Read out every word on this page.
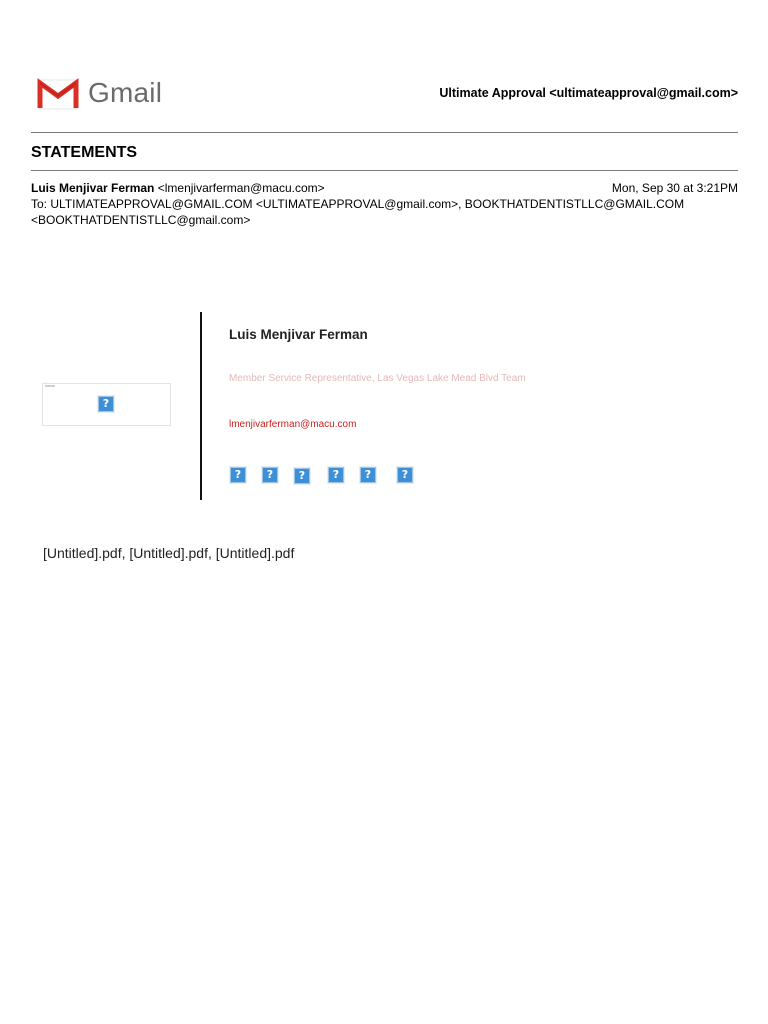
Gmail	Ultimate Approval <ultimateapproval@gmail.com>
STATEMENTS
Luis Menjivar Ferman <lmenjivarferman@macu.com>	Mon, Sep 30 at 3:21PM
To: ULTIMATEAPPROVAL@GMAIL.COM <ULTIMATEAPPROVAL@gmail.com>, BOOKTHATDENTISTLLC@GMAIL.COM <BOOKTHATDENTISTLLC@gmail.com>
?
Luis Menjivar Ferman
Member Service Representative, Las Vegas Lake Mead Blvd Team
lmenjivarferman@macu.com
?	?	?	?	?	?
[Untitled].pdf, [Untitled].pdf, [Untitled].pdf
